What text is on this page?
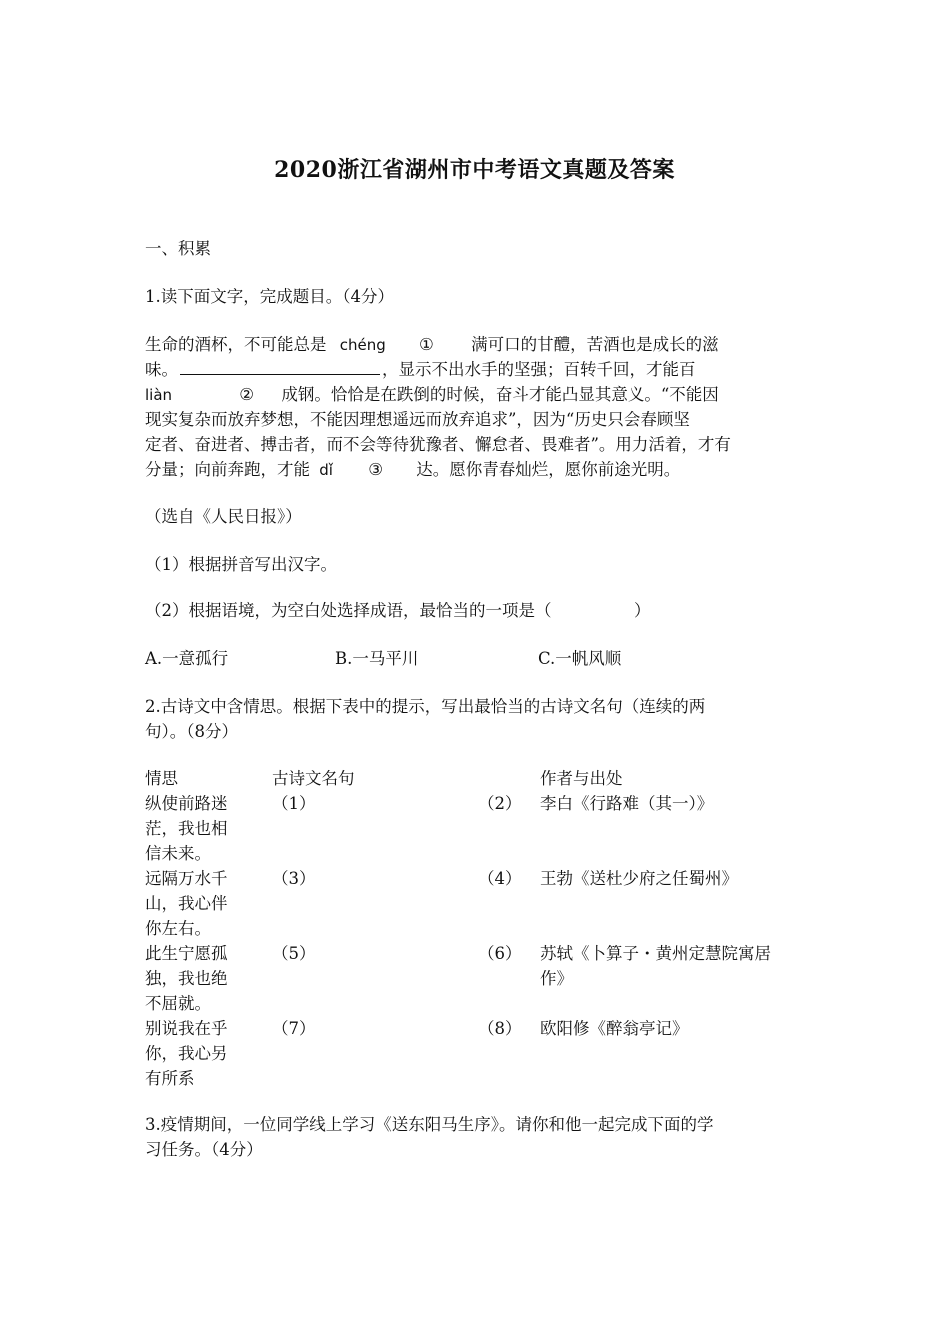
2020浙江省湖州市中考语文真题及答案
一、积累
1.读下面文字，完成题目。（4分）
生命的酒杯，不可能总是 chéng ① 满可口的甘醴，苦酒也是成长的滋
味。	，显示不出水手的坚强；百转千回，才能百
liàn	② 成钢。恰恰是在跌倒的时候，奋斗才能凸显其意义。“不能因
现实复杂而放弃梦想，不能因理想遥远而放弃追求”，因为“历史只会春顾坚
定者、奋进者、搏击者，而不会等待犹豫者、懈怠者、畏难者”。用力活着，才有
分量；向前奔跑，才能 dǐ ③ 达。愿你青春灿烂，愿你前途光明。
（选自《人民日报》）
（1）根据拼音写出汉字。
（2）根据语境，为空白处选择成语，最恰当的一项是（　　　　　）
A.一意孤行	B.一马平川	C.一帆风顺
2.古诗文中含情思。根据下表中的提示，写出最恰当的古诗文名句（连续的两
句）。（8分）
情思	古诗文名句	作者与出处
纵使前路迷
茫，我也相
信未来。
（1）	（2） 李白《行路难（其一）》
远隔万水千
山，我心伴
你左右。
（3）	（4） 王勃《送杜少府之任蜀州》
此生宁愿孤
独，我也绝
不屈就。
（5）	（6） 苏轼《卜算子・黄州定慧院寓居
作》
别说我在乎
你，我心另
有所系
（7）	（8） 欧阳修《醉翁亭记》
3.疫情期间，一位同学线上学习《送东阳马生序》。请你和他一起完成下面的学
习任务。（4分）
